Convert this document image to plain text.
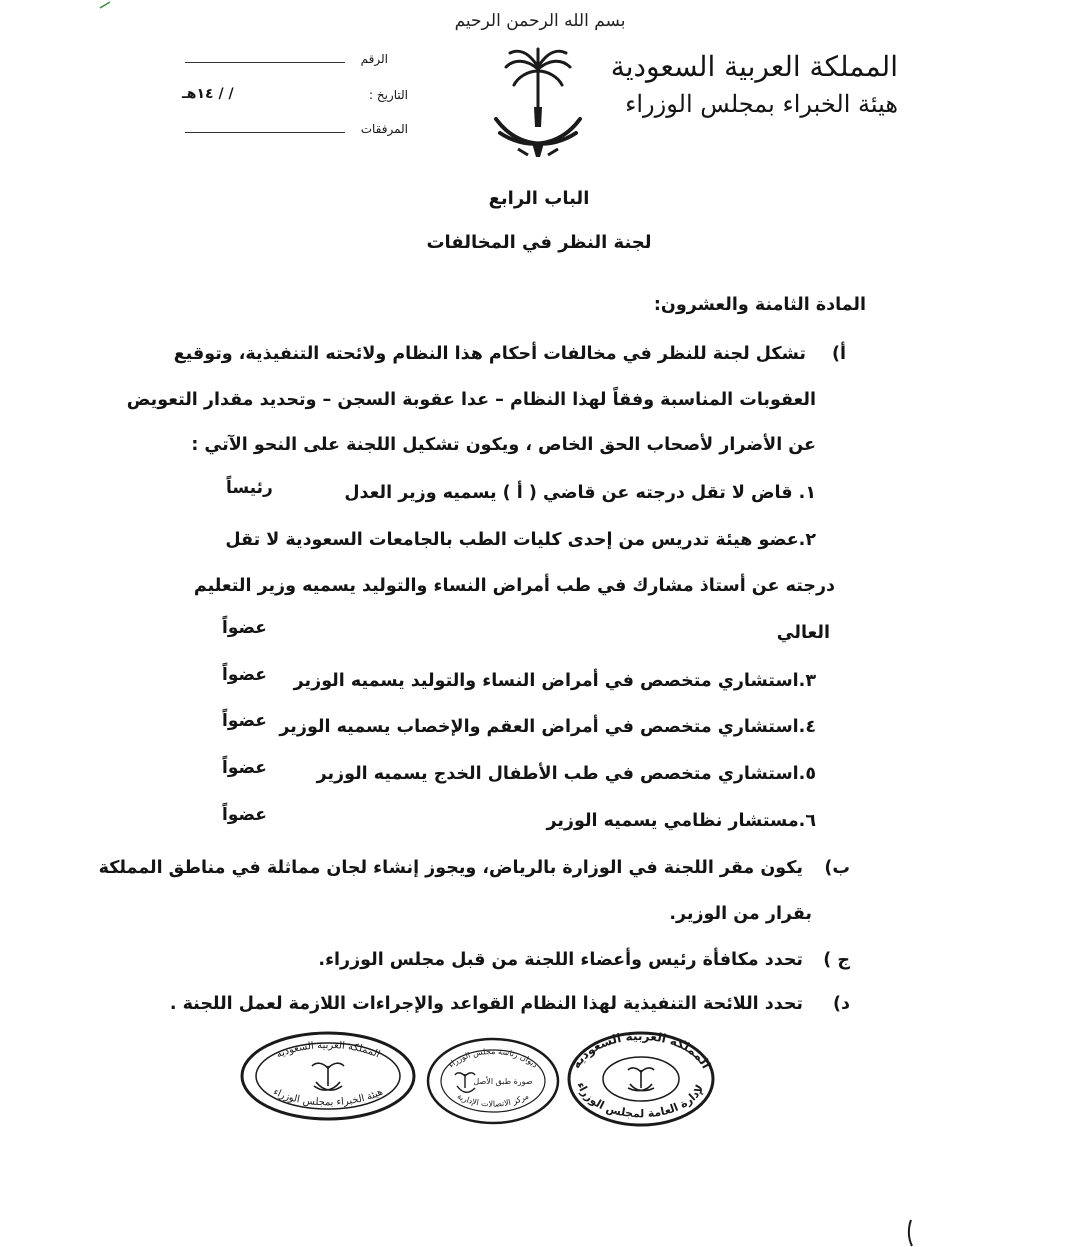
بسم الله الرحمن الرحيم
المملكة العربية السعودية
هيئة الخبراء بمجلس الوزراء
الرقم
التاريخ :
/ / ١٤هـ
المرفقات
الباب الرابع
لجنة النظر في المخالفات
المادة الثامنة والعشرون:
أ)
تشكل لجنة للنظر في مخالفات أحكام هذا النظام ولائحته التنفيذية، وتوقيع
العقوبات المناسبة وفقاً لهذا النظام – عدا عقوبة السجن – وتحديد مقدار التعويض
عن الأضرار لأصحاب الحق الخاص ، ويكون تشكيل اللجنة على النحو الآتي :
١. قاض لا تقل درجته عن قاضي ( أ ) يسميه وزير العدل
رئيساً
٢.عضو هيئة تدريس من إحدى كليات الطب بالجامعات السعودية لا تقل
درجته عن أستاذ مشارك في طب أمراض النساء والتوليد يسميه وزير التعليم
العالي
عضواً
٣.استشاري متخصص في أمراض النساء والتوليد يسميه الوزير
عضواً
٤.استشاري متخصص في أمراض العقم والإخصاب يسميه الوزير
عضواً
٥.استشاري متخصص في طب الأطفال الخدج يسميه الوزير
عضواً
٦.مستشار نظامي يسميه الوزير
عضواً
ب)
يكون مقر اللجنة في الوزارة بالرياض، ويجوز إنشاء لجان مماثلة في مناطق المملكة
بقرار من الوزير.
ج )
تحدد مكافأة رئيس وأعضاء اللجنة من قبل مجلس الوزراء.
د)
تحدد اللائحة التنفيذية لهذا النظام القواعد والإجراءات اللازمة لعمل اللجنة .
المملكة العربية السعودية
هيئة الخبراء بمجلس الوزراء
ديوان رئاسة مجلس الوزراء
صورة طبق الأصل
مركز الاتصالات الإدارية
المملكة العربية السعودية
الإدارة العامة لمجلس الوزراء
